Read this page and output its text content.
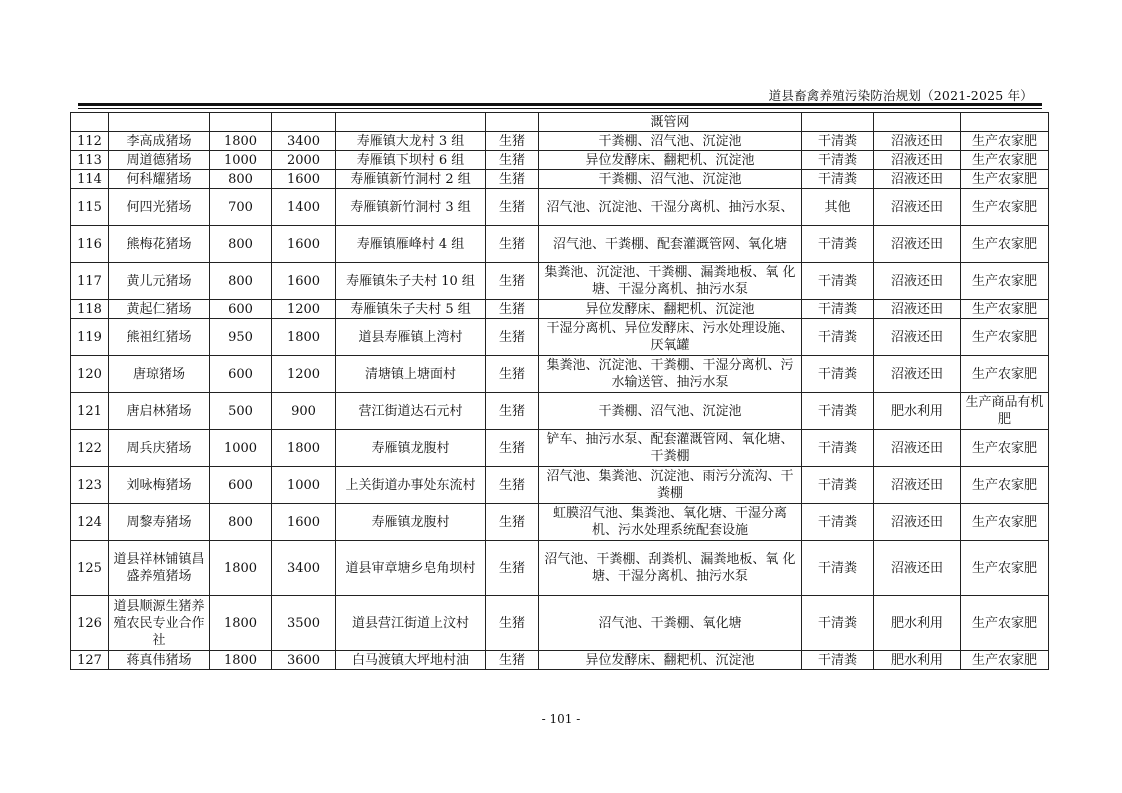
道县畜禽养殖污染防治规划（2021-2025 年）
						溉管网			
112	李高成猪场	1800	3400	寿雁镇大龙村 3 组	生猪	干粪棚、沼气池、沉淀池	干清粪	沼液还田	生产农家肥
113	周道德猪场	1000	2000	寿雁镇下坝村 6 组	生猪	异位发酵床、翻耙机、沉淀池	干清粪	沼液还田	生产农家肥
114	何科耀猪场	800	1600	寿雁镇新竹洞村 2 组	生猪	干粪棚、沼气池、沉淀池	干清粪	沼液还田	生产农家肥
115	何四光猪场	700	1400	寿雁镇新竹洞村 3 组	生猪	沼气池、沉淀池、干湿分离机、抽污水泵、	其他	沼液还田	生产农家肥
116	熊梅花猪场	800	1600	寿雁镇雁峰村 4 组	生猪	沼气池、干粪棚、配套灌溉管网、氧化塘	干清粪	沼液还田	生产农家肥
117	黄儿元猪场	800	1600	寿雁镇朱子夫村 10 组	生猪	集粪池、沉淀池、干粪棚、漏粪地板、氧 化塘、干湿分离机、抽污水泵	干清粪	沼液还田	生产农家肥
118	黄起仁猪场	600	1200	寿雁镇朱子夫村 5 组	生猪	异位发酵床、翻耙机、沉淀池	干清粪	沼液还田	生产农家肥
119	熊祖红猪场	950	1800	道县寿雁镇上湾村	生猪	干湿分离机、异位发酵床、污水处理设施、 厌氧罐	干清粪	沼液还田	生产农家肥
120	唐琼猪场	600	1200	清塘镇上塘面村	生猪	集粪池、沉淀池、干粪棚、干湿分离机、污水输送管、抽污水泵	干清粪	沼液还田	生产农家肥
121	唐启林猪场	500	900	营江街道达石元村	生猪	干粪棚、沼气池、沉淀池	干清粪	肥水利用	生产商品有机肥
122	周兵庆猪场	1000	1800	寿雁镇龙腹村	生猪	铲车、抽污水泵、配套灌溉管网、氧化塘、 干粪棚	干清粪	沼液还田	生产农家肥
123	刘咏梅猪场	600	1000	上关街道办事处东流村	生猪	沼气池、集粪池、沉淀池、雨污分流沟、干粪棚	干清粪	沼液还田	生产农家肥
124	周黎寿猪场	800	1600	寿雁镇龙腹村	生猪	虹膜沼气池、集粪池、氧化塘、干湿分离 机、污水处理系统配套设施	干清粪	沼液还田	生产农家肥
125	道县祥林铺镇昌盛养殖猪场	1800	3400	道县审章塘乡皂角坝村	生猪	沼气池、干粪棚、刮粪机、漏粪地板、氧 化塘、干湿分离机、抽污水泵	干清粪	沼液还田	生产农家肥
126	道县顺源生猪养殖农民专业合作社	1800	3500	道县营江街道上汶村	生猪	沼气池、干粪棚、氧化塘	干清粪	肥水利用	生产农家肥
127	蒋真伟猪场	1800	3600	白马渡镇大坪地村油	生猪	异位发酵床、翻耙机、沉淀池	干清粪	肥水利用	生产农家肥
- 101 -
